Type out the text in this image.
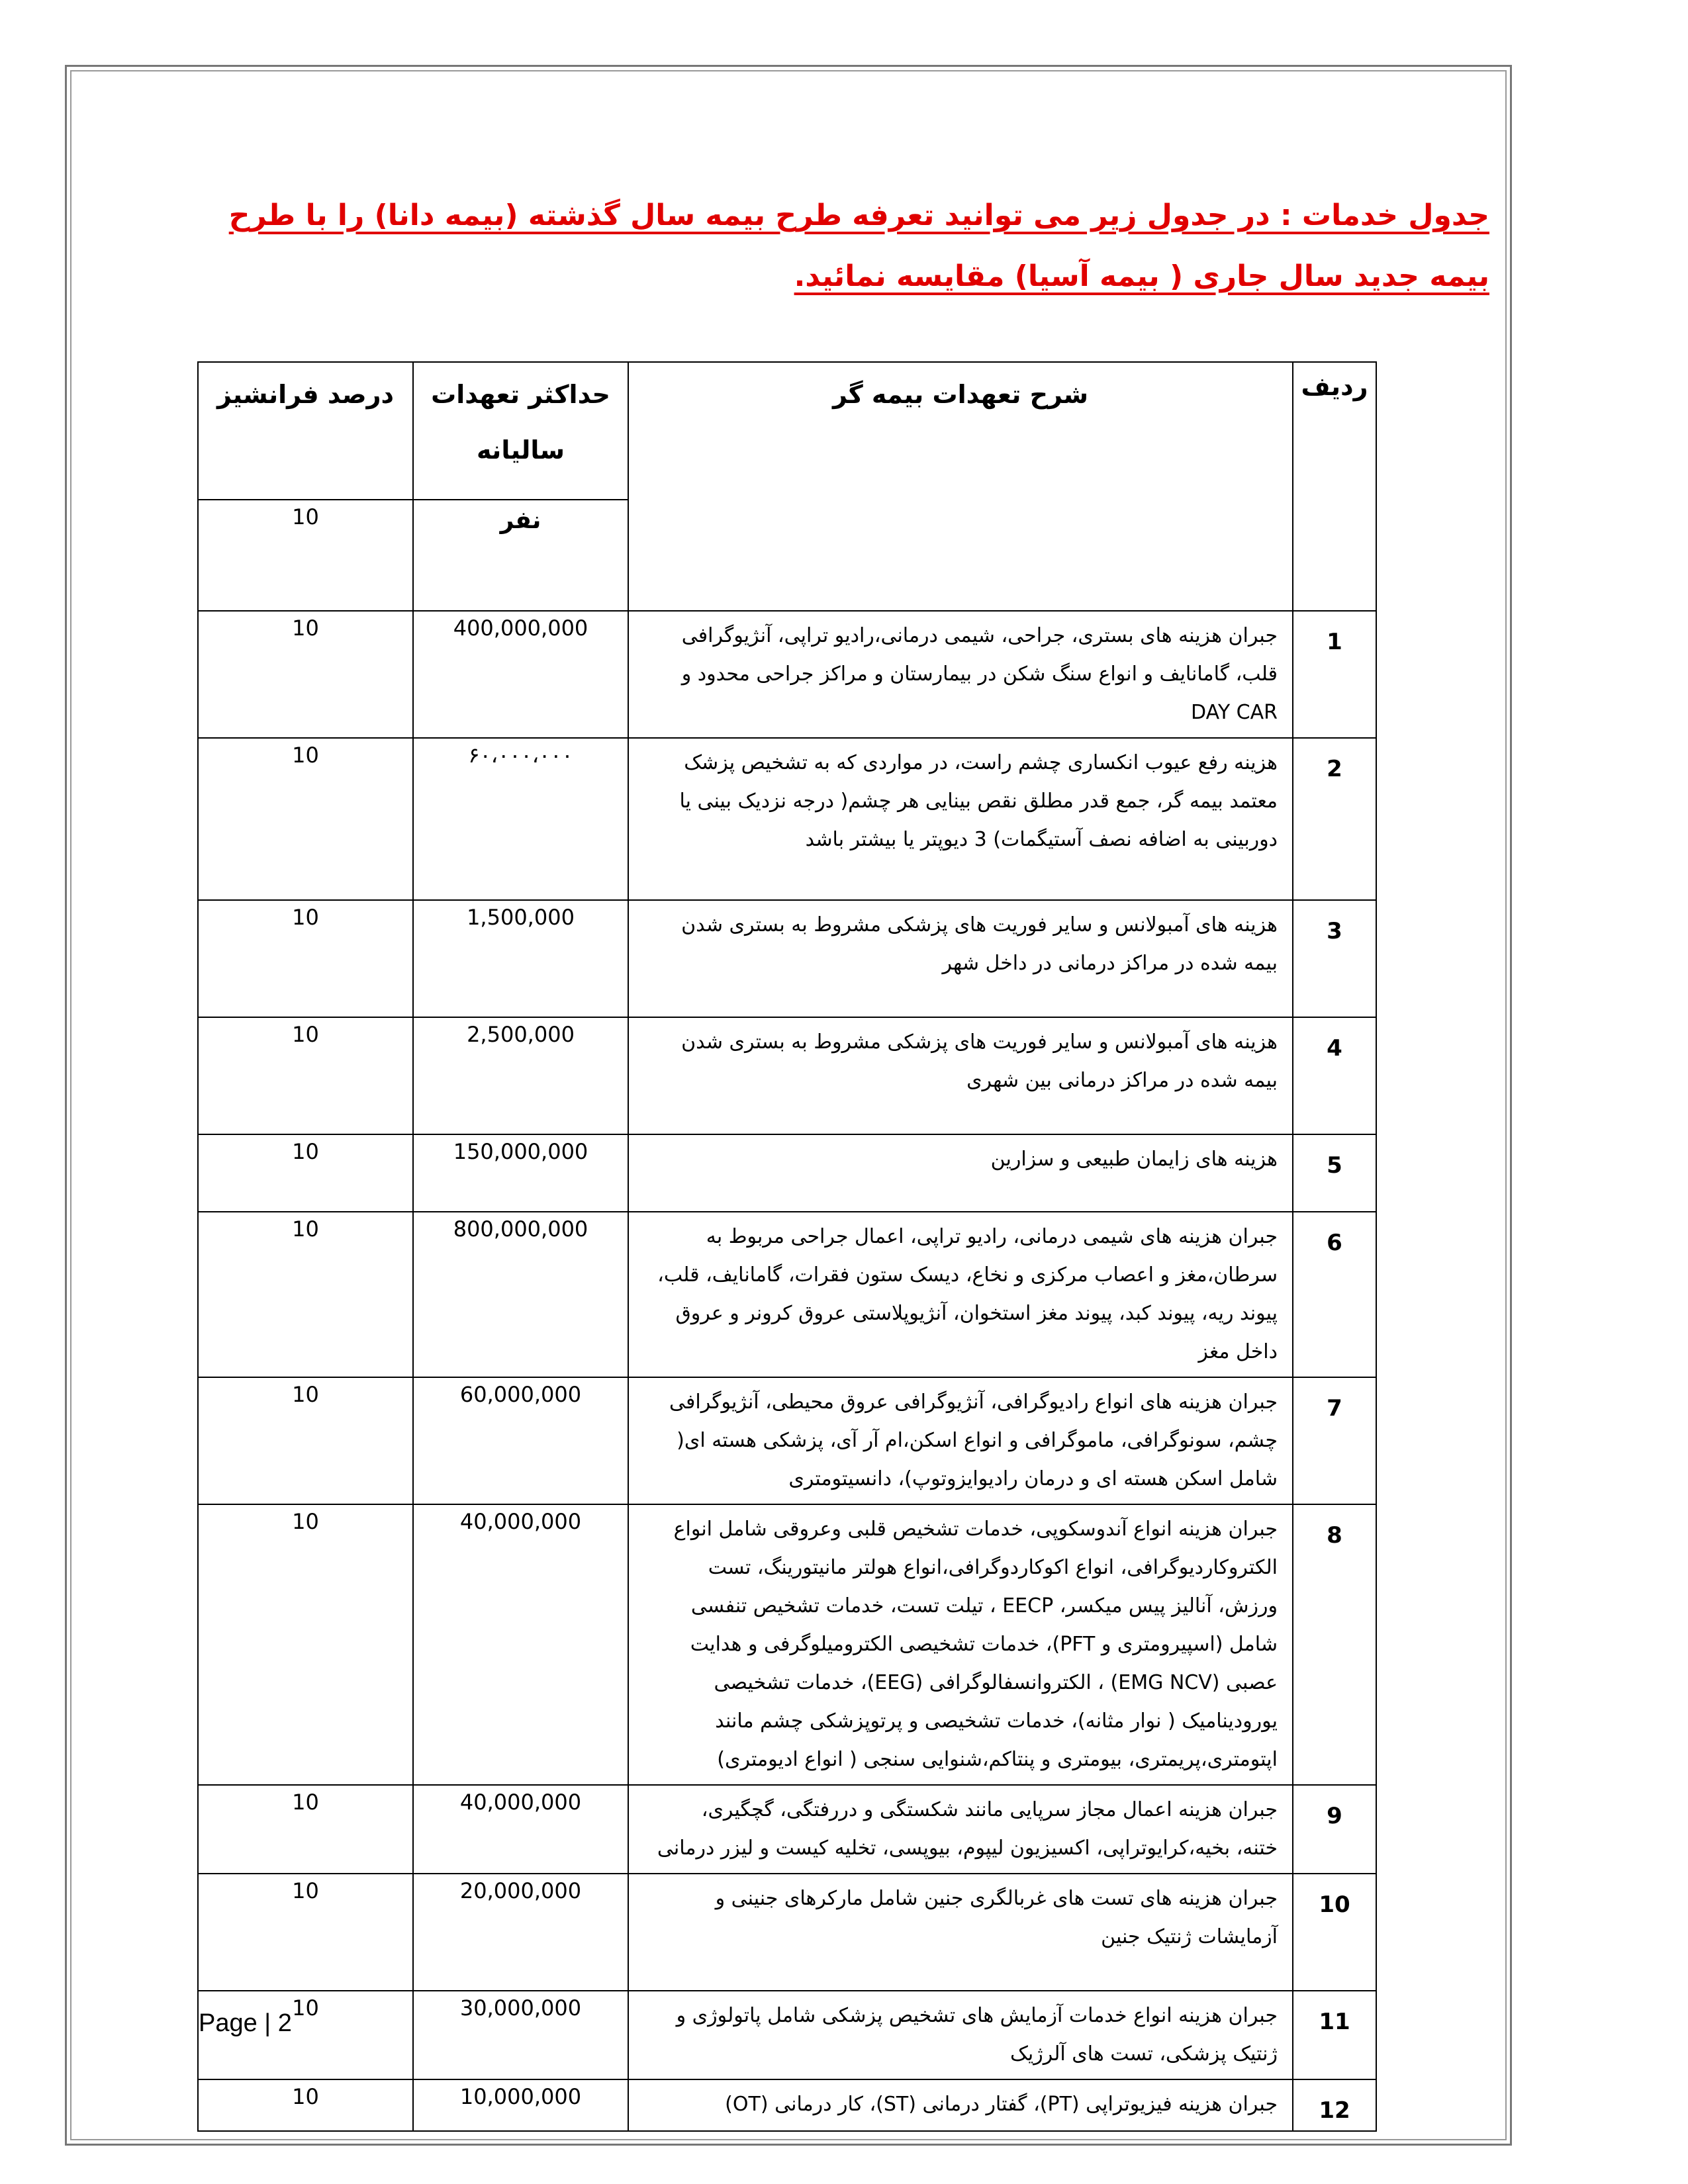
جدول خدمات : در جدول زیر می توانید تعرفه طرح بیمه سال گذشته (بیمه دانا) را با طرح بیمه جدید سال جاری ( بیمه آسیا) مقایسه نمائید.
ردیف	شرح تعهدات بیمه گر	حداکثر تعهدات سالیانه	درصد فرانشیز
		نفر	10
1	جبران هزینه های بستری، جراحی، شیمی درمانی،رادیو تراپی، آنژیوگرافی قلب، گامانایف و انواع سنگ شکن در بیمارستان و مراکز جراحی محدود و DAY CAR	400,000,000	10
2	هزینه رفع عیوب انکساری چشم راست، در مواردی که به تشخیص پزشک معتمد بیمه گر، جمع قدر مطلق نقص بینایی هر چشم( درجه نزدیک بینی یا دوربینی به اضافه نصف آستیگمات) 3 دیوپتر یا بیشتر باشد	۶۰،۰۰۰،۰۰۰	10
3	هزینه های آمبولانس و سایر فوریت های پزشکی مشروط به بستری شدن بیمه شده در مراکز درمانی در داخل شهر	1,500,000	10
4	هزینه های آمبولانس و سایر فوریت های پزشکی مشروط به بستری شدن بیمه شده در مراکز درمانی بین شهری	2,500,000	10
5	هزینه های زایمان طبیعی و سزارین	150,000,000	10
6	جبران هزینه های شیمی درمانی، رادیو تراپی، اعمال جراحی مربوط به سرطان،مغز و اعصاب مرکزی و نخاع، دیسک ستون فقرات، گامانایف، قلب، پیوند ریه، پیوند کبد، پیوند مغز استخوان، آنژیوپلاستی عروق کرونر و عروق داخل مغز	800,000,000	10
7	جبران هزینه های انواع رادیوگرافی، آنژیوگرافی عروق محیطی، آنژیوگرافی چشم، سونوگرافی، ماموگرافی و انواع اسکن،ام آر آی، پزشکی هسته ای( شامل اسکن هسته ای و درمان رادیوایزوتوپ)، دانسیتومتری	60,000,000	10
8	جبران هزینه انواع آندوسکوپی، خدمات تشخیص قلبی وعروقی شامل انواع الکتروکاردیوگرافی، انواع اکوکاردوگرافی،انواع هولتر مانیتورینگ، تست ورزش، آنالیز پیس میکسر، EECP ، تیلت تست، خدمات تشخیص تنفسی شامل (اسپیرومتری و PFT)، خدمات تشخیصی الکترومیلوگرفی و هدایت عصبی (EMG NCV) ، الکتروانسفالوگرافی (EEG)، خدمات تشخیصی یورودینامیک ( نوار مثانه)، خدمات تشخیصی و پرتوپزشکی چشم مانند اپتومتری،پریمتری، بیومتری و پنتاکم،شنوایی سنجی ( انواع ادیومتری)	40,000,000	10
9	جبران هزینه اعمال مجاز سرپایی مانند شکستگی و دررفتگی، گچگیری، ختنه، بخیه،کرایوتراپی، اکسیزیون لیپوم، بیوپسی، تخلیه کیست و لیزر درمانی	40,000,000	10
10	جبران هزینه های تست های غربالگری جنین شامل مارکرهای جنینی و آزمایشات ژنتیک جنین	20,000,000	10
11	جبران هزینه انواع خدمات آزمایش های تشخیص پزشکی شامل پاتولوژی و ژنتیک پزشکی، تست های آلرژیک	30,000,000	10
12	جبران هزینه فیزیوتراپی (PT)، گفتار درمانی (ST)، کار درمانی (OT)	10,000,000	10
Page | 2
